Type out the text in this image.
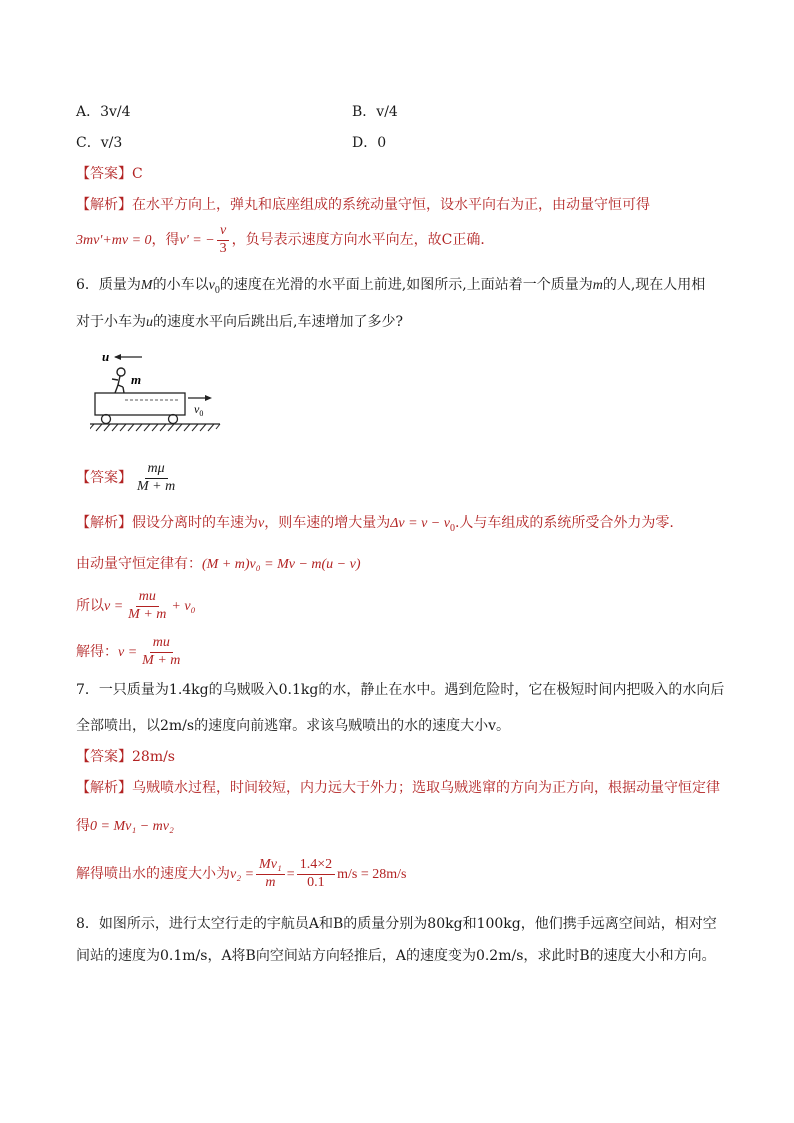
A．3v/4	B．v/4
C．v/3	D．0
【答案】C
【解析】在水平方向上，弹丸和底座组成的系统动量守恒，设水平向右为正，由动量守恒可得
3mv'+mv = 0，得v' = − $\frac{v}{3}$ ，负号表示速度方向水平向左，故C正确．
6．质量为M的小车以$v_0$的速度在光滑的水平面上前进,如图所示,上面站着一个质量为m的人,现在人用相
对于小车为u的速度水平向后跳出后,车速增加了多少?
u
m
$v_0$
【答案】 $\frac{m\mu}{M + m}$
【解析】假设分离时的车速为v，则车速的增大量为$\Delta v = v - v_0$.人与车组成的系统所受合外力为零.
由动量守恒定律有：(M + m)v₀ = Mv − m(u − v)
所以$v = \frac{mu}{M + m} + v_0$
解得：$v = \frac{mu}{M + m}$
7．一只质量为1.4kg的乌贼吸入0.1kg的水，静止在水中。遇到危险时，它在极短时间内把吸入的水向后
全部喷出，以2m/s的速度向前逃窜。求该乌贼喷出的水的速度大小v。
【答案】28m/s
【解析】乌贼喷水过程，时间较短，内力远大于外力；选取乌贼逃窜的方向为正方向，根据动量守恒定律
得0 = Mv₁ − mv₂
解得喷出水的速度大小为$v_2 = \frac{\text{Mv₁}}{m} = \frac{1.4\times 2}{0.1} m/s = 28m/s$
8．如图所示，进行太空行走的宇航员A和B的质量分别为80kg和100kg，他们携手远离空间站，相对空
间站的速度为0.1m/s，A将B向空间站方向轻推后，A的速度变为0.2m/s，求此时B的速度大小和方向。
